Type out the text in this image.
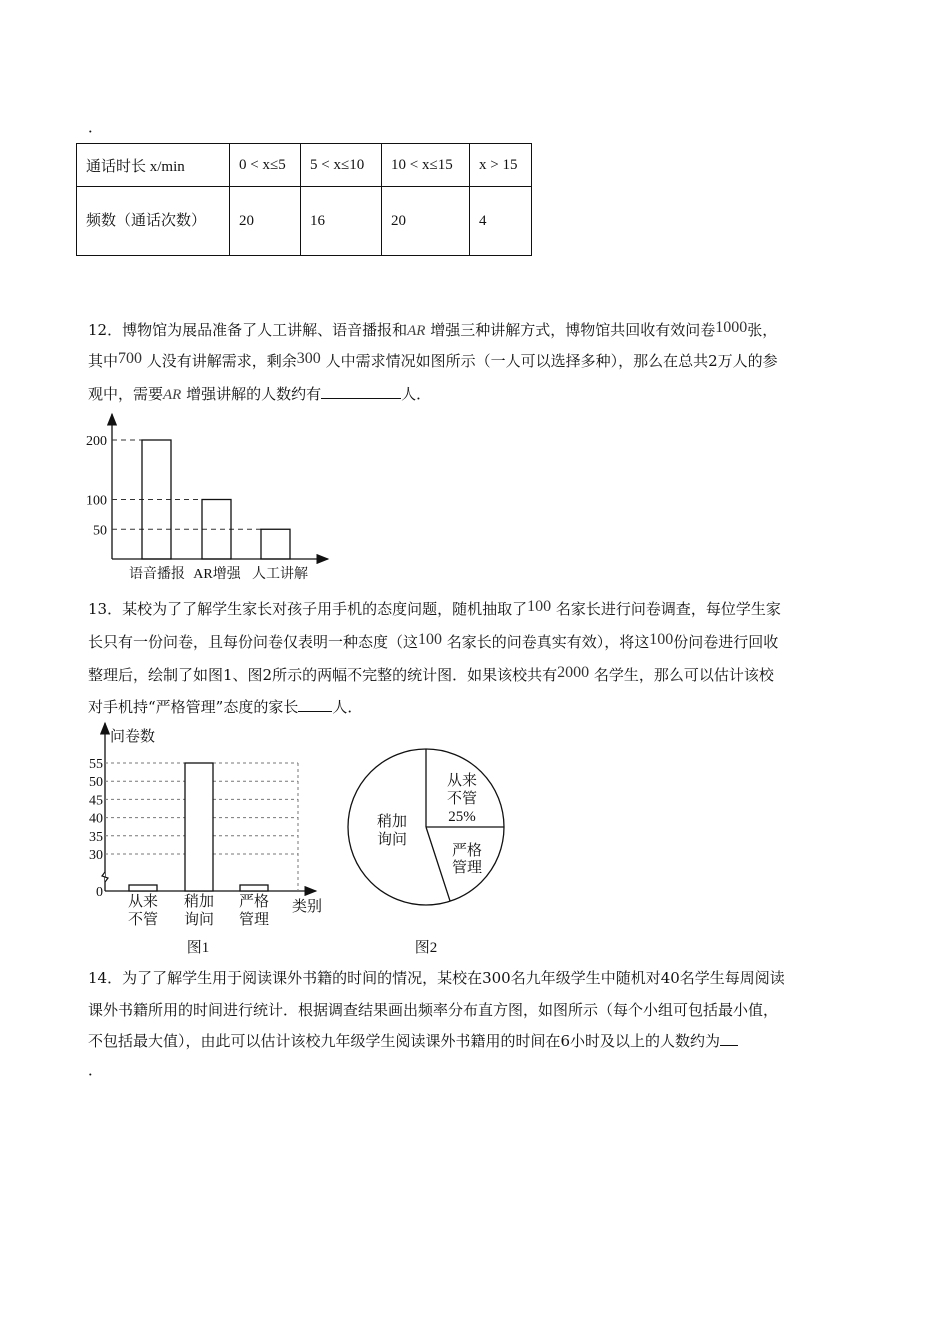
．
通话时长 x/min	0 < x≤5	5 < x≤10	10 < x≤15	x > 15
频数（通话次数）	20	16	20	4
12．博物馆为展品准备了人工讲解、语音播报和AR 增强三种讲解方式，博物馆共回收有效问卷1000张，
其中700 人没有讲解需求，剩余300 人中需求情况如图所示（一人可以选择多种），那么在总共2万人的参
观中，需要AR 增强讲解的人数约有	人．
13．某校为了了解学生家长对孩子用手机的态度问题，随机抽取了100 名家长进行问卷调查，每位学生家
长只有一份问卷，且每份问卷仅表明一种态度（这100 名家长的问卷真实有效），将这100份问卷进行回收
整理后，绘制了如图1、图2所示的两幅不完整的统计图．如果该校共有2000 名学生，那么可以估计该校
对手机持“严格管理”态度的家长 人．
14．为了了解学生用于阅读课外书籍的时间的情况，某校在300名九年级学生中随机对40名学生每周阅读
课外书籍所用的时间进行统计．根据调查结果画出频率分布直方图，如图所示（每个小组可包括最小值，
不包括最大值），由此可以估计该校九年级学生阅读课外书籍用的时间在6小时及以上的人数约为
．
200
100
50
语音播报 AR增强 人工讲解
问卷数
类别
图1
55
50
45
40
35
30
0
从来
不管
稍加
询问
严格
管理
图2
从来
不管
25%
严格
管理
稍加
询问
